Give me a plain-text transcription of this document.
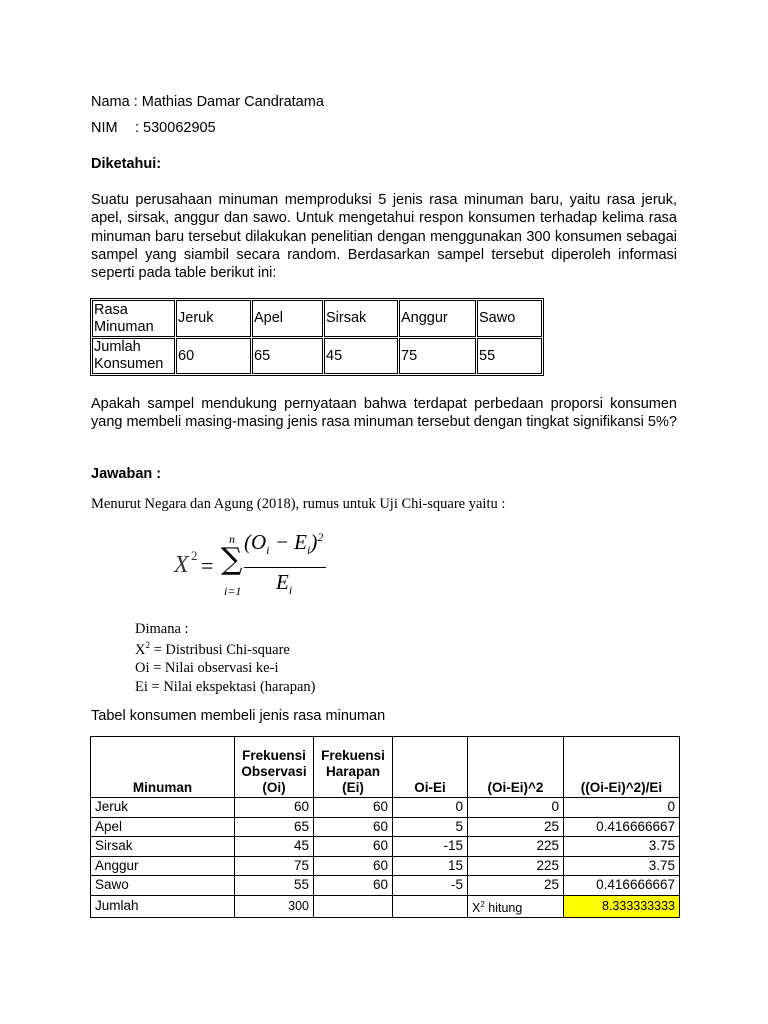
Nama : Mathias Damar Candratama
NIM : 530062905
Diketahui:
Suatu perusahaan minuman memproduksi 5 jenis rasa minuman baru, yaitu rasa jeruk, apel, sirsak, anggur dan sawo. Untuk mengetahui respon konsumen terhadap kelima rasa minuman baru tersebut dilakukan penelitian dengan menggunakan 300 konsumen sebagai sampel yang siambil secara random. Berdasarkan sampel tersebut diperoleh informasi seperti pada table berikut ini:
Rasa Minuman	Jeruk	Apel	Sirsak	Anggur	Sawo
Jumlah Konsumen	60	65	45	75	55
Apakah sampel mendukung pernyataan bahwa terdapat perbedaan proporsi konsumen yang membeli masing-masing jenis rasa minuman tersebut dengan tingkat signifikansi 5%?
Jawaban :
Menurut Negara dan Agung (2018), rumus untuk Uji Chi-square yaitu :
X 2 = ∑
n
i=1
$(O_i - E_i)^2$
$E_i$
Dimana :
$X^2$ = Distribusi Chi-square
Oi = Nilai observasi ke-i
Ei = Nilai ekspektasi (harapan)
Tabel konsumen membeli jenis rasa minuman
Minuman	Frekuensi Observasi (Oi)	Frekuensi Harapan (Ei)	Oi-Ei	(Oi-Ei)^2	((Oi-Ei)^2)/Ei
Jeruk	60	60	0	0	0
Apel	65	60	5	25	0.416666667
Sirsak	45	60	-15	225	3.75
Anggur	75	60	15	225	3.75
Sawo	55	60	-5	25	0.416666667
Jumlah	300			$X^2$ hitung	8.333333333
